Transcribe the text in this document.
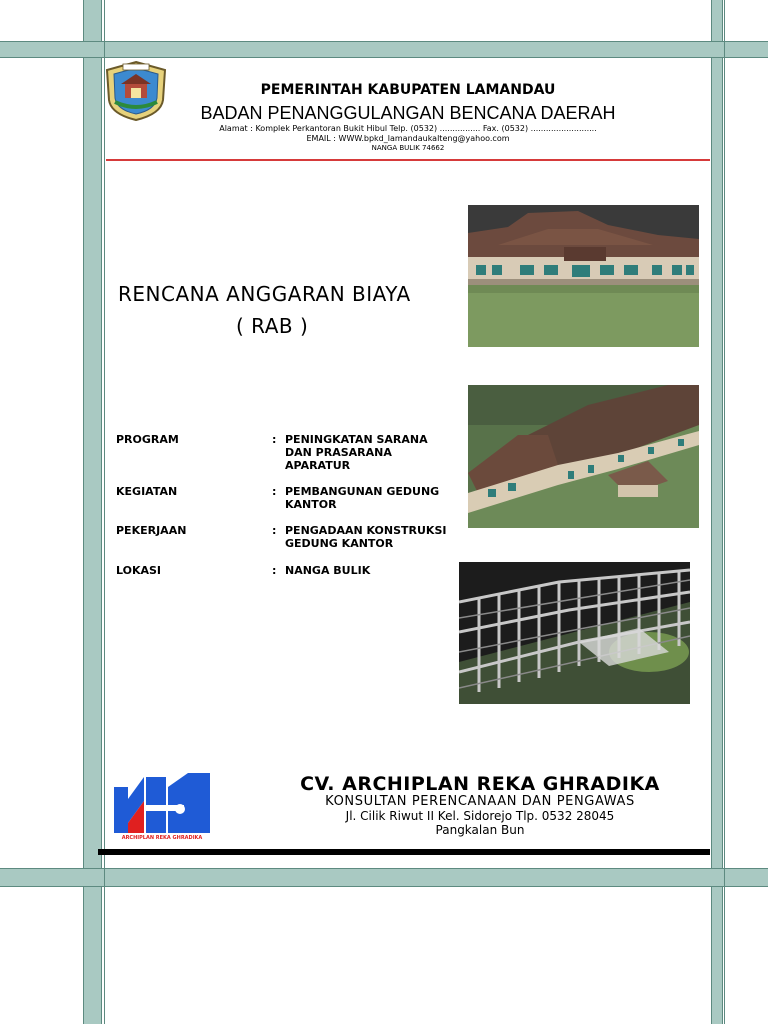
PEMERINTAH KABUPATEN LAMANDAU
BADAN PENANGGULANGAN BENCANA DAERAH
Alamat : Komplek Perkantoran Bukit Hibul Telp. (0532) ................ Fax. (0532) ..........................
EMAIL : WWW.bpkd_lamandaukalteng@yahoo.com
NANGA BULIK 74662
RENCANA ANGGARAN BIAYA
( RAB )
PROGRAM	: PENINGKATAN SARANA
DAN PRASARANA
APARATUR
KEGIATAN	: PEMBANGUNAN GEDUNG
KANTOR
PEKERJAAN	: PENGADAAN KONSTRUKSI
GEDUNG KANTOR
LOKASI	: NANGA BULIK
ARCHIPLAN REKA GHRADIKA
CV. ARCHIPLAN REKA GHRADIKA
KONSULTAN PERENCANAAN DAN PENGAWAS
Jl. Cilik Riwut II Kel. Sidorejo Tlp. 0532 28045
Pangkalan Bun
